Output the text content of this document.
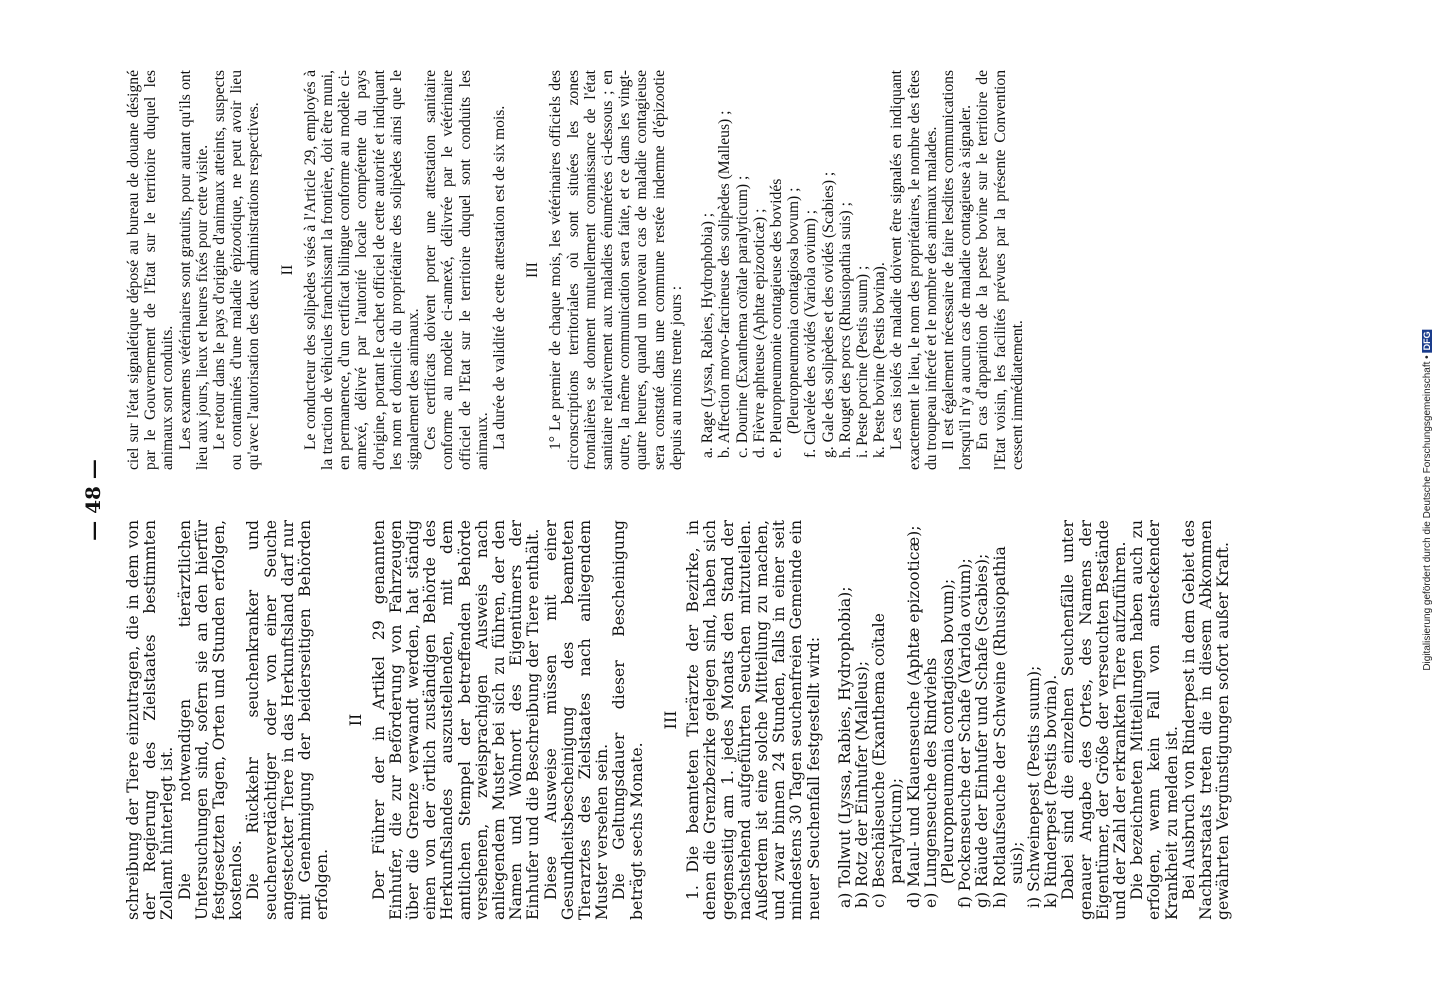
— 48 —

schreibung der Tiere einzutragen, die in dem von der Regierung des Zielstaates bestimmten Zollamt hinterlegt ist. Die notwendigen tierärztlichen Untersuchungen sind, sofern sie an den hierfür festgesetzten Tagen, Orten und Stunden erfolgen, kostenlos. Die Rückkehr seuchenkranker und seuchenverdächtiger oder von einer Seuche angesteckter Tiere in das Herkunftsland darf nur mit Genehmigung der beiderseitigen Behörden erfolgen.

II Der Führer der in Artikel 29 genannten Einhufer, die zur Beförderung von Fahrzeugen über die Grenze verwandt werden, hat ständig einen von der örtlich zuständigen Behörde des Herkunftslandes auszustellenden, mit dem amtlichen Stempel der betreffenden Behörde versehenen, zweisprachigen Ausweis nach anliegendem Muster bei sich zu führen, der den Namen und Wohnort des Eigentümers der Einhufer und die Beschreibung der Tiere enthält. Diese Ausweise müssen mit einer Gesundheitsbescheinigung des beamteten Tierarztes des Zielstaates nach anliegendem Muster versehen sein. Die Geltungsdauer dieser Bescheinigung beträgt sechs Monate.

III 1. Die beamteten Tierärzte der Bezirke, in denen die Grenzbezirke gelegen sind, haben sich gegenseitig am 1. jedes Monats den Stand der nachstehend aufgeführten Seuchen mitzuteilen. Außerdem ist eine solche Mitteilung zu machen, und zwar binnen 24 Stunden, falls in einer seit mindestens 30 Tagen seuchenfreien Gemeinde ein neuer Seuchenfall festgestellt wird: a) Tollwut (Lyssa, Rabies, Hydrophobia); b) Rotz der Einhufer (Malleus); c) Beschälseuche (Exanthema coïtale paralyticum); d) Maul- und Klauenseuche (Aphtæ epizooticæ); e) Lungenseuche des Rindviehs (Pleuropneumonia contagiosa bovum); f) Pockenseuche der Schafe (Variola ovium); g) Räude der Einhufer und Schafe (Scabies); h) Rotlaufseuche der Schweine (Rhusiopathia suis); i) Schweinepest (Pestis suum); k) Rinderpest (Pestis bovina). Dabei sind die einzelnen Seuchenfälle unter genauer Angabe des Ortes, des Namens der Eigentümer, der Größe der verseuchten Bestände und der Zahl der erkrankten Tiere aufzuführen. Die bezeichneten Mitteilungen haben auch zu erfolgen, wenn kein Fall von ansteckender Krankheit zu melden ist. Bei Ausbruch von Rinderpest in dem Gebiet des Nachbarstaats treten die in diesem Abkommen gewährten Vergünstigungen sofort außer Kraft.

ciel sur l'état signalétique déposé au bureau de douane désigné par le Gouvernement de l'Etat sur le territoire duquel les animaux sont conduits. Les examens vétérinaires sont gratuits, pour autant qu'ils ont lieu aux jours, lieux et heures fixés pour cette visite. Le retour dans le pays d'origine d'animaux atteints, suspects ou contaminés d'une maladie épizootique, ne peut avoir lieu qu'avec l'autorisation des deux administrations respectives. II Le conducteur des solipèdes visés à l'Article 29, employés à la traction de véhicules franchissant la frontière, doit être muni, en permanence, d'un certificat bilingue conforme au modèle ci-annexé, délivré par l'autorité locale compétente du pays d'origine, portant le cachet officiel de cette autorité et indiquant les nom et domicile du propriétaire des solipèdes ainsi que le signalement des animaux. Ces certificats doivent porter une attestation sanitaire conforme au modèle ci-annexé, délivrée par le vétérinaire officiel de l'Etat sur le territoire duquel sont conduits les animaux. La durée de validité de cette attestation est de six mois. III 1° Le premier de chaque mois, les vétérinaires officiels des circonscriptions territoriales où sont situées les zones frontalières se donnent mutuellement connaissance de l'état sanitaire relativement aux maladies énumérées ci-dessous ; en outre, la même communication sera faite, et ce dans les vingt-quatre heures, quand un nouveau cas de maladie contagieuse sera constaté dans une commune restée indemne d'épizootie depuis au moins trente jours : a. Rage (Lyssa, Rabies, Hydrophobia) ; b. Affection morvo-farcineuse des solipèdes (Malleus) ; c. Dourine (Exanthema coïtale paralyticum) ; d. Fièvre aphteuse (Aphtæ epizooticæ) ; e. Pleuropneumonie contagieuse des bovidés (Pleuropneumonia contagiosa bovum) ; f. Clavelée des ovidés (Variola ovium) ; g. Gale des solipèdes et des ovidés (Scabies) ; h. Rouget des porcs (Rhusiopathia suis) ; i. Peste porcine (Pestis suum) ; k. Peste bovine (Pestis bovina). Les cas isolés de maladie doivent être signalés en indiquant exactement le lieu, le nom des propriétaires, le nombre des têtes du troupeau infecté et le nombre des animaux malades. Il est également nécessaire de faire lesdites communications lorsqu'il n'y a aucun cas de maladie contagieuse à signaler. En cas d'apparition de la peste bovine sur le territoire de l'Etat voisin, les facilités prévues par la présente Convention cessent immédiatement.	Digitalisierung gefördert durch die Deutsche Forschungsgemeinschaft •DFG
